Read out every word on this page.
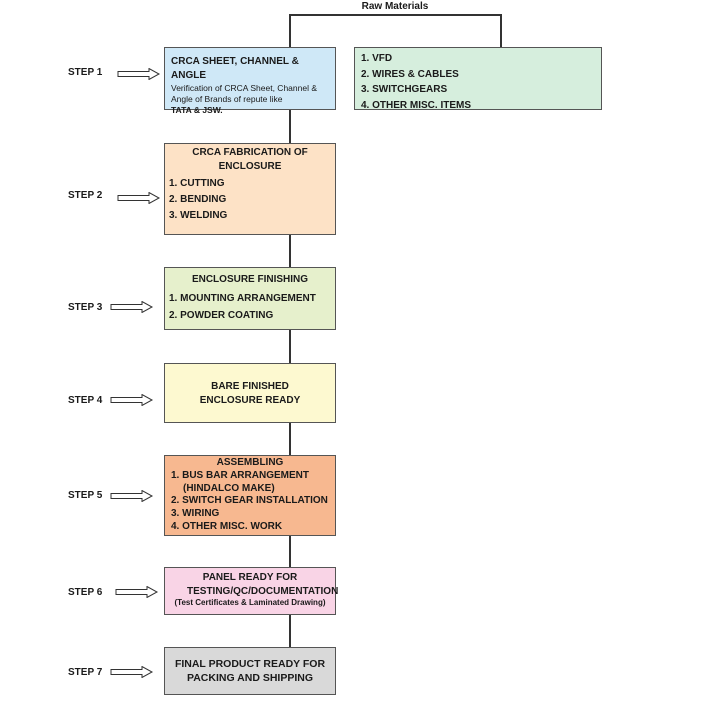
Raw Materials
STEP 1
STEP 2
STEP 3
STEP 4
STEP 5
STEP 6
STEP 7
CRCA SHEET, CHANNEL & ANGLE
Verification of CRCA Sheet, Channel & Angle of Brands of repute like
TATA & JSW.
1. VFD
2. WIRES & CABLES
3. SWITCHGEARS
4. OTHER MISC. ITEMS
CRCA FABRICATION OF ENCLOSURE
1. CUTTING
2. BENDING
3. WELDING
ENCLOSURE FINISHING
1. MOUNTING ARRANGEMENT
2. POWDER COATING
BARE FINISHED ENCLOSURE READY
ASSEMBLING
1. BUS BAR ARRANGEMENT
(HINDALCO MAKE)
2. SWITCH GEAR INSTALLATION
3. WIRING
4. OTHER MISC. WORK
PANEL READY FOR TESTING/QC/DOCUMENTATION
(Test Certificates & Laminated Drawing)
FINAL PRODUCT READY FOR PACKING AND SHIPPING
